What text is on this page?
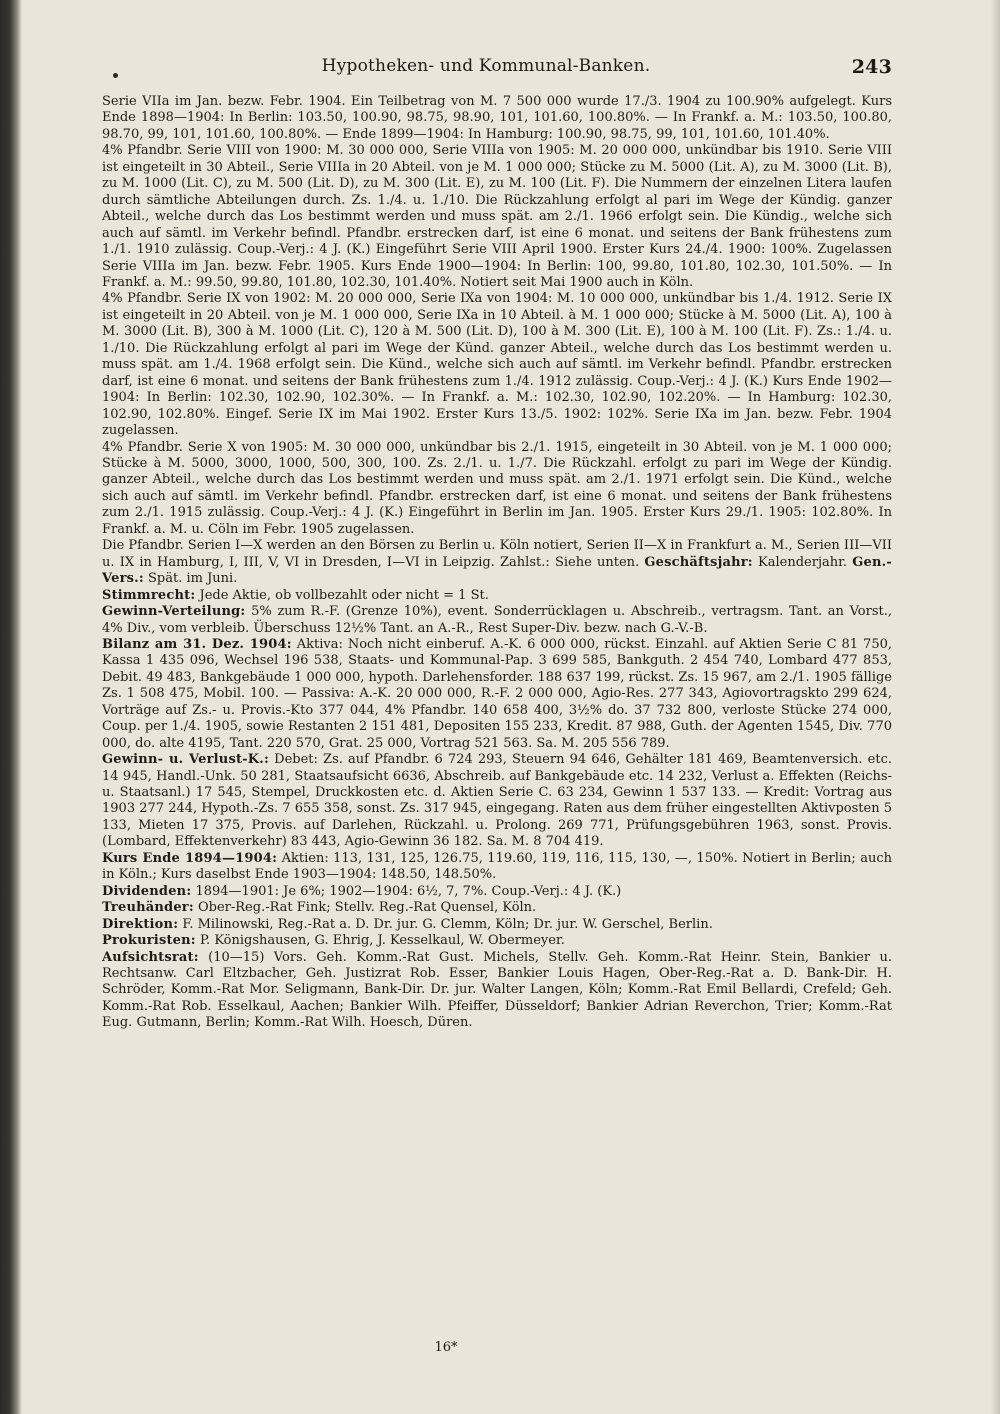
Hypotheken- und Kommunal-Banken.	243

Serie VIIa im Jan. bezw. Febr. 1904. Ein Teilbetrag von M. 7 500 000 wurde 17./3. 1904 zu 100.90% aufgelegt. Kurs Ende 1898—1904: In Berlin: 103.50, 100.90, 98.75, 98.90, 101, 101.60, 100.80%. — In Frankf. a. M.: 103.50, 100.80, 98.70, 99, 101, 101.60, 100.80%. — Ende 1899—1904: In Hamburg: 100.90, 98.75, 99, 101, 101.60, 101.40%.

4% Pfandbr. Serie VIII von 1900: M. 30 000 000, Serie VIIIa von 1905: M. 20 000 000, unkündbar bis 1910. Serie VIII ist eingeteilt in 30 Abteil., Serie VIIIa in 20 Abteil. von je M. 1 000 000; Stücke zu M. 5000 (Lit. A), zu M. 3000 (Lit. B), zu M. 1000 (Lit. C), zu M. 500 (Lit. D), zu M. 300 (Lit. E), zu M. 100 (Lit. F). Die Nummern der einzelnen Litera laufen durch sämtliche Abteilungen durch. Zs. 1./4. u. 1./10. Die Rückzahlung erfolgt al pari im Wege der Kündig. ganzer Abteil., welche durch das Los bestimmt werden und muss spät. am 2./1. 1966 erfolgt sein. Die Kündig., welche sich auch auf sämtl. im Verkehr befindl. Pfandbr. erstrecken darf, ist eine 6 monat. und seitens der Bank frühestens zum 1./1. 1910 zulässig. Coup.-Verj.: 4 J. (K.) Eingeführt Serie VIII April 1900. Erster Kurs 24./4. 1900: 100%. Zugelassen Serie VIIIa im Jan. bezw. Febr. 1905. Kurs Ende 1900—1904: In Berlin: 100, 99.80, 101.80, 102.30, 101.50%. — In Frankf. a. M.: 99.50, 99.80, 101.80, 102.30, 101.40%. Notiert seit Mai 1900 auch in Köln.

4% Pfandbr. Serie IX von 1902: M. 20 000 000, Serie IXa von 1904: M. 10 000 000, unkündbar bis 1./4. 1912. Serie IX ist eingeteilt in 20 Abteil. von je M. 1 000 000, Serie IXa in 10 Abteil. à M. 1 000 000; Stücke à M. 5000 (Lit. A), 100 à M. 3000 (Lit. B), 300 à M. 1000 (Lit. C), 120 à M. 500 (Lit. D), 100 à M. 300 (Lit. E), 100 à M. 100 (Lit. F). Zs.: 1./4. u. 1./10. Die Rückzahlung erfolgt al pari im Wege der Künd. ganzer Abteil., welche durch das Los bestimmt werden u. muss spät. am 1./4. 1968 erfolgt sein. Die Künd., welche sich auch auf sämtl. im Verkehr befindl. Pfandbr. erstrecken darf, ist eine 6 monat. und seitens der Bank frühestens zum 1./4. 1912 zulässig. Coup.-Verj.: 4 J. (K.) Kurs Ende 1902—1904: In Berlin: 102.30, 102.90, 102.30%. — In Frankf. a. M.: 102.30, 102.90, 102.20%. — In Hamburg: 102.30, 102.90, 102.80%. Eingef. Serie IX im Mai 1902. Erster Kurs 13./5. 1902: 102%. Serie IXa im Jan. bezw. Febr. 1904 zugelassen.

4% Pfandbr. Serie X von 1905: M. 30 000 000, unkündbar bis 2./1. 1915, eingeteilt in 30 Abteil. von je M. 1 000 000; Stücke à M. 5000, 3000, 1000, 500, 300, 100. Zs. 2./1. u. 1./7. Die Rückzahl. erfolgt zu pari im Wege der Kündig. ganzer Abteil., welche durch das Los bestimmt werden und muss spät. am 2./1. 1971 erfolgt sein. Die Künd., welche sich auch auf sämtl. im Verkehr befindl. Pfandbr. erstrecken darf, ist eine 6 monat. und seitens der Bank frühestens zum 2./1. 1915 zulässig. Coup.-Verj.: 4 J. (K.) Eingeführt in Berlin im Jan. 1905. Erster Kurs 29./1. 1905: 102.80%. In Frankf. a. M. u. Cöln im Febr. 1905 zugelassen.

Die Pfandbr. Serien I—X werden an den Börsen zu Berlin u. Köln notiert, Serien II—X in Frankfurt a. M., Serien III—VII u. IX in Hamburg, I, III, V, VI in Dresden, I—VI in Leipzig. Zahlst.: Siehe unten. Geschäftsjahr: Kalenderjahr. Gen.-Vers.: Spät. im Juni.

Stimmrecht: Jede Aktie, ob vollbezahlt oder nicht = 1 St.

Gewinn-Verteilung: 5% zum R.-F. (Grenze 10%), event. Sonderrücklagen u. Abschreib., vertragsm. Tant. an Vorst., 4% Div., vom verbleib. Überschuss 12½% Tant. an A.-R., Rest Super-Div. bezw. nach G.-V.-B.

Bilanz am 31. Dez. 1904: Aktiva: Noch nicht einberuf. A.-K. 6 000 000, rückst. Einzahl. auf Aktien Serie C 81 750, Kassa 1 435 096, Wechsel 196 538, Staats- und Kommunal-Pap. 3 699 585, Bankguth. 2 454 740, Lombard 477 853, Debit. 49 483, Bankgebäude 1 000 000, hypoth. Darlehensforder. 188 637 199, rückst. Zs. 15 967, am 2./1. 1905 fällige Zs. 1 508 475, Mobil. 100. — Passiva: A.-K. 20 000 000, R.-F. 2 000 000, Agio-Res. 277 343, Agiovortragskto 299 624, Vorträge auf Zs.- u. Provis.-Kto 377 044, 4% Pfandbr. 140 658 400, 3½% do. 37 732 800, verloste Stücke 274 000, Coup. per 1./4. 1905, sowie Restanten 2 151 481, Depositen 155 233, Kredit. 87 988, Guth. der Agenten 1545, Div. 770 000, do. alte 4195, Tant. 220 570, Grat. 25 000, Vortrag 521 563. Sa. M. 205 556 789.

Gewinn- u. Verlust-K.: Debet: Zs. auf Pfandbr. 6 724 293, Steuern 94 646, Gehälter 181 469, Beamtenversich. etc. 14 945, Handl.-Unk. 50 281, Staatsaufsicht 6636, Abschreib. auf Bankgebäude etc. 14 232, Verlust a. Effekten (Reichs- u. Staatsanl.) 17 545, Stempel, Druckkosten etc. d. Aktien Serie C. 63 234, Gewinn 1 537 133. — Kredit: Vortrag aus 1903 277 244, Hypoth.-Zs. 7 655 358, sonst. Zs. 317 945, eingegang. Raten aus dem früher eingestellten Aktivposten 5 133, Mieten 17 375, Provis. auf Darlehen, Rückzahl. u. Prolong. 269 771, Prüfungsgebühren 1963, sonst. Provis. (Lombard, Effektenverkehr) 83 443, Agio-Gewinn 36 182. Sa. M. 8 704 419.

Kurs Ende 1894—1904: Aktien: 113, 131, 125, 126.75, 119.60, 119, 116, 115, 130, —, 150%. Notiert in Berlin; auch in Köln.; Kurs daselbst Ende 1903—1904: 148.50, 148.50%.

Dividenden: 1894—1901: Je 6%; 1902—1904: 6½, 7, 7%. Coup.-Verj.: 4 J. (K.)

Treuhänder: Ober-Reg.-Rat Fink; Stellv. Reg.-Rat Quensel, Köln.

Direktion: F. Milinowski, Reg.-Rat a. D. Dr. jur. G. Clemm, Köln; Dr. jur. W. Gerschel, Berlin.

Prokuristen: P. Königshausen, G. Ehrig, J. Kesselkaul, W. Obermeyer.

Aufsichtsrat: (10—15) Vors. Geh. Komm.-Rat Gust. Michels, Stellv. Geh. Komm.-Rat Heinr. Stein, Bankier u. Rechtsanw. Carl Eltzbacher, Geh. Justizrat Rob. Esser, Bankier Louis Hagen, Ober-Reg.-Rat a. D. Bank-Dir. H. Schröder, Komm.-Rat Mor. Seligmann, Bank-Dir. Dr. jur. Walter Langen, Köln; Komm.-Rat Emil Bellardi, Crefeld; Geh. Komm.-Rat Rob. Esselkaul, Aachen; Bankier Wilh. Pfeiffer, Düsseldorf; Bankier Adrian Reverchon, Trier; Komm.-Rat Eug. Gutmann, Berlin; Komm.-Rat Wilh. Hoesch, Düren.

16*
